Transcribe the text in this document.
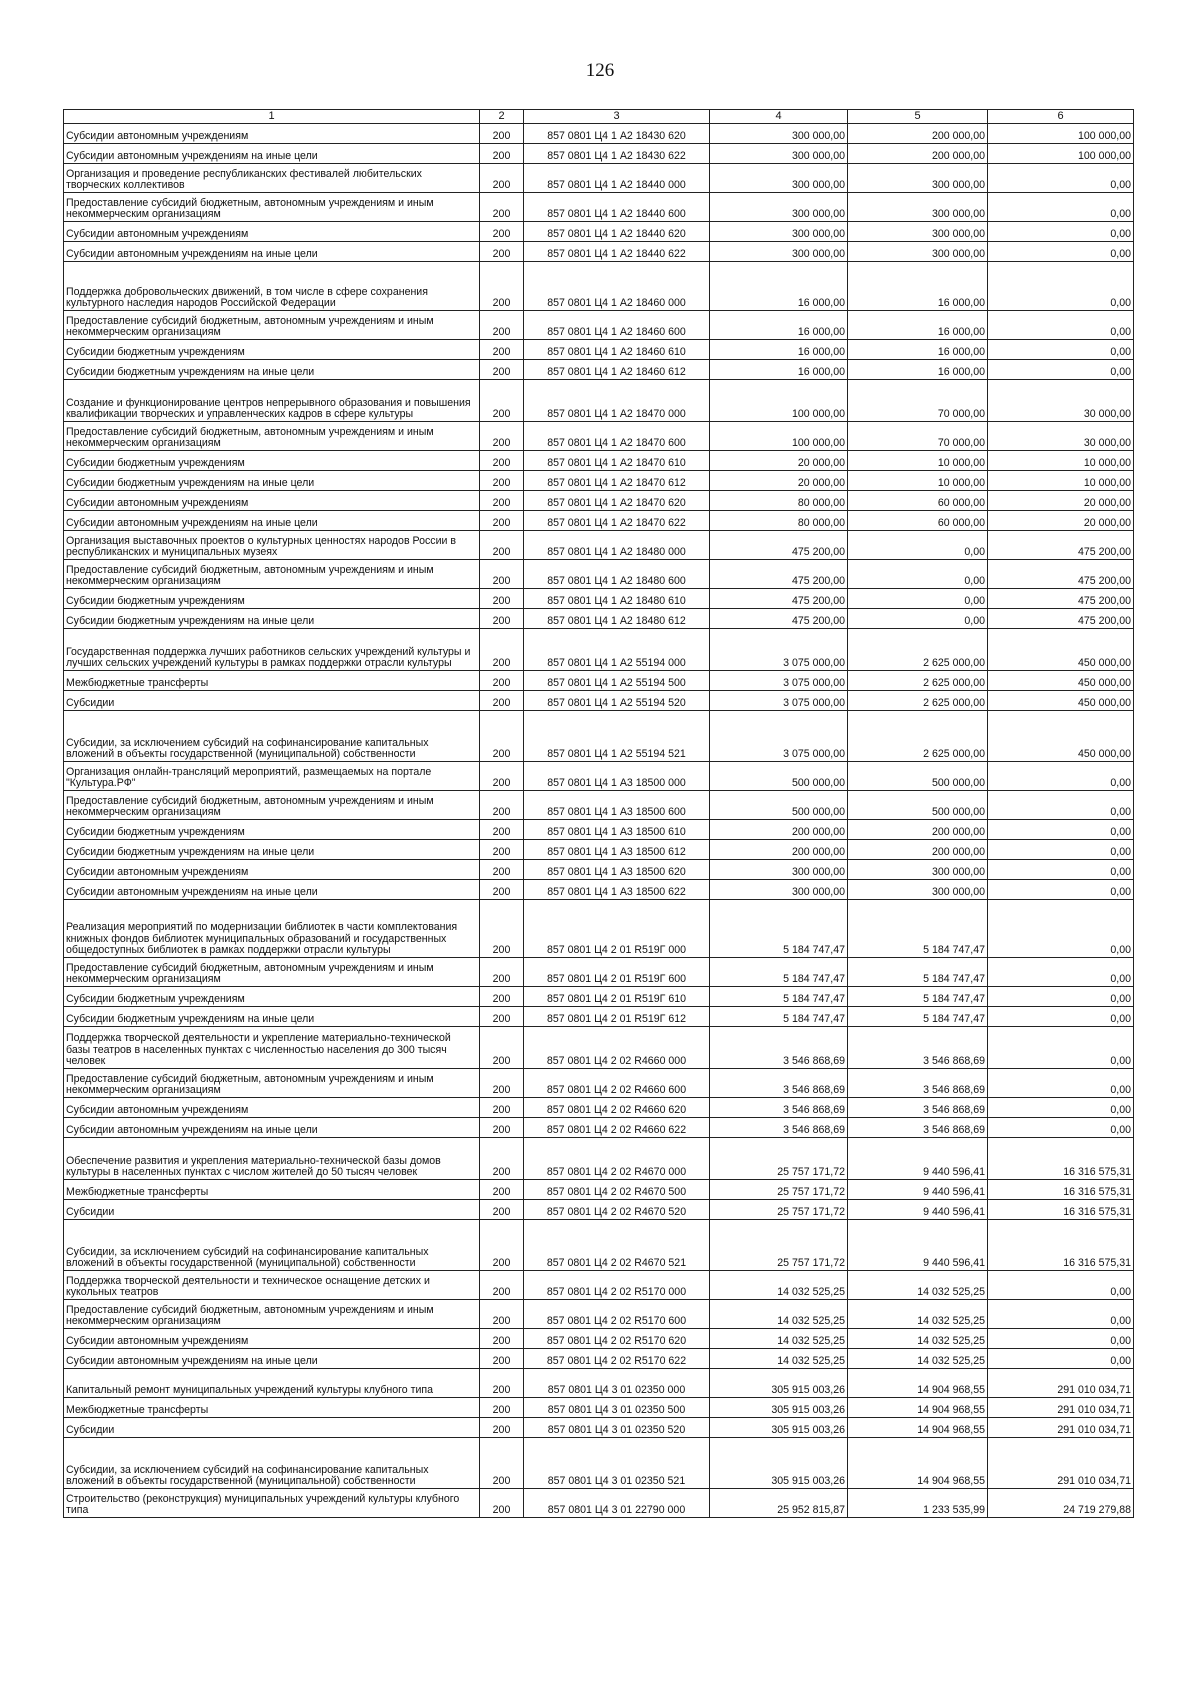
126
1	2	3	4	5	6
Субсидии автономным учреждениям	200	857 0801 Ц4 1 А2 18430 620	300 000,00	200 000,00	100 000,00
Субсидии автономным учреждениям на иные цели	200	857 0801 Ц4 1 А2 18430 622	300 000,00	200 000,00	100 000,00
Организация и проведение республиканских фестивалей любительских творческих коллективов	200	857 0801 Ц4 1 А2 18440 000	300 000,00	300 000,00	0,00
Предоставление субсидий бюджетным, автономным учреждениям и иным некоммерческим организациям	200	857 0801 Ц4 1 А2 18440 600	300 000,00	300 000,00	0,00
Субсидии автономным учреждениям	200	857 0801 Ц4 1 А2 18440 620	300 000,00	300 000,00	0,00
Субсидии автономным учреждениям на иные цели	200	857 0801 Ц4 1 А2 18440 622	300 000,00	300 000,00	0,00
Поддержка добровольческих движений, в том числе в сфере сохранения культурного наследия народов Российской Федерации	200	857 0801 Ц4 1 А2 18460 000	16 000,00	16 000,00	0,00
Предоставление субсидий бюджетным, автономным учреждениям и иным некоммерческим организациям	200	857 0801 Ц4 1 А2 18460 600	16 000,00	16 000,00	0,00
Субсидии бюджетным учреждениям	200	857 0801 Ц4 1 А2 18460 610	16 000,00	16 000,00	0,00
Субсидии бюджетным учреждениям на иные цели	200	857 0801 Ц4 1 А2 18460 612	16 000,00	16 000,00	0,00
Создание и функционирование центров непрерывного образования и повышения квалификации творческих и управленческих кадров в сфере культуры	200	857 0801 Ц4 1 А2 18470 000	100 000,00	70 000,00	30 000,00
Предоставление субсидий бюджетным, автономным учреждениям и иным некоммерческим организациям	200	857 0801 Ц4 1 А2 18470 600	100 000,00	70 000,00	30 000,00
Субсидии бюджетным учреждениям	200	857 0801 Ц4 1 А2 18470 610	20 000,00	10 000,00	10 000,00
Субсидии бюджетным учреждениям на иные цели	200	857 0801 Ц4 1 А2 18470 612	20 000,00	10 000,00	10 000,00
Субсидии автономным учреждениям	200	857 0801 Ц4 1 А2 18470 620	80 000,00	60 000,00	20 000,00
Субсидии автономным учреждениям на иные цели	200	857 0801 Ц4 1 А2 18470 622	80 000,00	60 000,00	20 000,00
Организация выставочных проектов о культурных ценностях народов России в республиканских и муниципальных музеях	200	857 0801 Ц4 1 А2 18480 000	475 200,00	0,00	475 200,00
Предоставление субсидий бюджетным, автономным учреждениям и иным некоммерческим организациям	200	857 0801 Ц4 1 А2 18480 600	475 200,00	0,00	475 200,00
Субсидии бюджетным учреждениям	200	857 0801 Ц4 1 А2 18480 610	475 200,00	0,00	475 200,00
Субсидии бюджетным учреждениям на иные цели	200	857 0801 Ц4 1 А2 18480 612	475 200,00	0,00	475 200,00
Государственная поддержка лучших работников сельских учреждений культуры и лучших сельских учреждений культуры в рамках поддержки отрасли культуры	200	857 0801 Ц4 1 А2 55194 000	3 075 000,00	2 625 000,00	450 000,00
Межбюджетные трансферты	200	857 0801 Ц4 1 А2 55194 500	3 075 000,00	2 625 000,00	450 000,00
Субсидии	200	857 0801 Ц4 1 А2 55194 520	3 075 000,00	2 625 000,00	450 000,00
Субсидии, за исключением субсидий на софинансирование капитальных вложений в объекты государственной (муниципальной) собственности	200	857 0801 Ц4 1 А2 55194 521	3 075 000,00	2 625 000,00	450 000,00
Организация онлайн-трансляций мероприятий, размещаемых на портале "Культура.РФ"	200	857 0801 Ц4 1 А3 18500 000	500 000,00	500 000,00	0,00
Предоставление субсидий бюджетным, автономным учреждениям и иным некоммерческим организациям	200	857 0801 Ц4 1 А3 18500 600	500 000,00	500 000,00	0,00
Субсидии бюджетным учреждениям	200	857 0801 Ц4 1 А3 18500 610	200 000,00	200 000,00	0,00
Субсидии бюджетным учреждениям на иные цели	200	857 0801 Ц4 1 А3 18500 612	200 000,00	200 000,00	0,00
Субсидии автономным учреждениям	200	857 0801 Ц4 1 А3 18500 620	300 000,00	300 000,00	0,00
Субсидии автономным учреждениям на иные цели	200	857 0801 Ц4 1 А3 18500 622	300 000,00	300 000,00	0,00
Реализация мероприятий по модернизации библиотек в части комплектования книжных фондов библиотек муниципальных образований и государственных общедоступных библиотек в рамках поддержки отрасли культуры	200	857 0801 Ц4 2 01 R519Г 000	5 184 747,47	5 184 747,47	0,00
Предоставление субсидий бюджетным, автономным учреждениям и иным некоммерческим организациям	200	857 0801 Ц4 2 01 R519Г 600	5 184 747,47	5 184 747,47	0,00
Субсидии бюджетным учреждениям	200	857 0801 Ц4 2 01 R519Г 610	5 184 747,47	5 184 747,47	0,00
Субсидии бюджетным учреждениям на иные цели	200	857 0801 Ц4 2 01 R519Г 612	5 184 747,47	5 184 747,47	0,00
Поддержка творческой деятельности и укрепление материально-технической базы театров в населенных пунктах с численностью населения до 300 тысяч человек	200	857 0801 Ц4 2 02 R4660 000	3 546 868,69	3 546 868,69	0,00
Предоставление субсидий бюджетным, автономным учреждениям и иным некоммерческим организациям	200	857 0801 Ц4 2 02 R4660 600	3 546 868,69	3 546 868,69	0,00
Субсидии автономным учреждениям	200	857 0801 Ц4 2 02 R4660 620	3 546 868,69	3 546 868,69	0,00
Субсидии автономным учреждениям на иные цели	200	857 0801 Ц4 2 02 R4660 622	3 546 868,69	3 546 868,69	0,00
Обеспечение развития и укрепления материально-технической базы домов культуры в населенных пунктах с числом жителей до 50 тысяч человек	200	857 0801 Ц4 2 02 R4670 000	25 757 171,72	9 440 596,41	16 316 575,31
Межбюджетные трансферты	200	857 0801 Ц4 2 02 R4670 500	25 757 171,72	9 440 596,41	16 316 575,31
Субсидии	200	857 0801 Ц4 2 02 R4670 520	25 757 171,72	9 440 596,41	16 316 575,31
Субсидии, за исключением субсидий на софинансирование капитальных вложений в объекты государственной (муниципальной) собственности	200	857 0801 Ц4 2 02 R4670 521	25 757 171,72	9 440 596,41	16 316 575,31
Поддержка творческой деятельности и техническое оснащение детских и кукольных театров	200	857 0801 Ц4 2 02 R5170 000	14 032 525,25	14 032 525,25	0,00
Предоставление субсидий бюджетным, автономным учреждениям и иным некоммерческим организациям	200	857 0801 Ц4 2 02 R5170 600	14 032 525,25	14 032 525,25	0,00
Субсидии автономным учреждениям	200	857 0801 Ц4 2 02 R5170 620	14 032 525,25	14 032 525,25	0,00
Субсидии автономным учреждениям на иные цели	200	857 0801 Ц4 2 02 R5170 622	14 032 525,25	14 032 525,25	0,00
Капитальный ремонт муниципальных учреждений культуры клубного типа	200	857 0801 Ц4 3 01 02350 000	305 915 003,26	14 904 968,55	291 010 034,71
Межбюджетные трансферты	200	857 0801 Ц4 3 01 02350 500	305 915 003,26	14 904 968,55	291 010 034,71
Субсидии	200	857 0801 Ц4 3 01 02350 520	305 915 003,26	14 904 968,55	291 010 034,71
Субсидии, за исключением субсидий на софинансирование капитальных вложений в объекты государственной (муниципальной) собственности	200	857 0801 Ц4 3 01 02350 521	305 915 003,26	14 904 968,55	291 010 034,71
Строительство (реконструкция) муниципальных учреждений культуры клубного типа	200	857 0801 Ц4 3 01 22790 000	25 952 815,87	1 233 535,99	24 719 279,88
